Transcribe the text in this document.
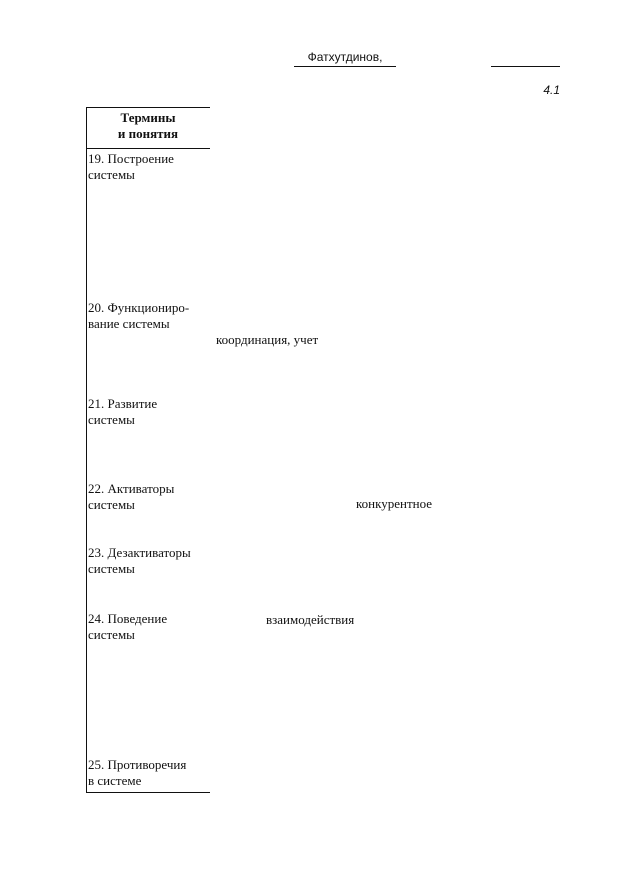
Фатхутдинов,
4.1
Термины
и понятия
19. Построение
системы
20. Функциониро-
вание системы
21. Развитие
системы
22. Активаторы
системы
23. Дезактиваторы
системы
24. Поведение
системы
25. Противоречия
в системе
координация, учет
конкурентное
взаимодействия
